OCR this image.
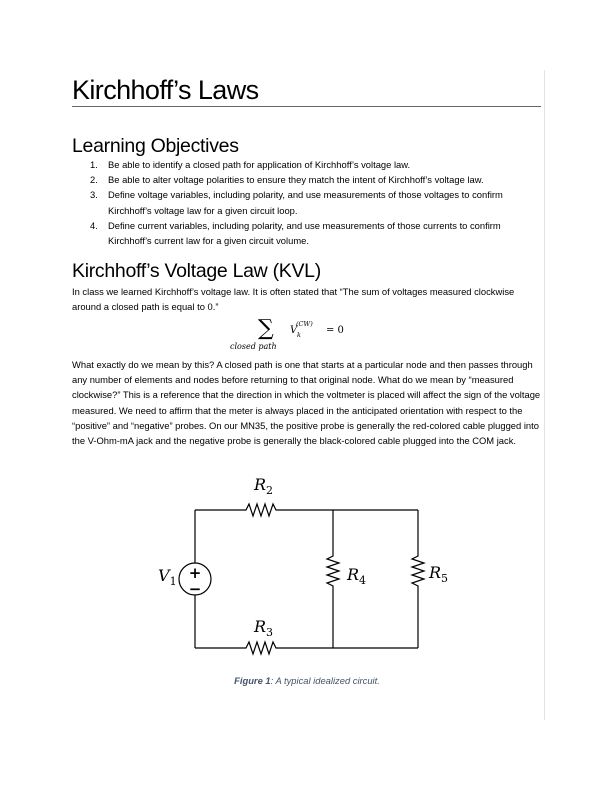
Kirchhoff’s Laws
Learning Objectives
1. Be able to identify a closed path for application of Kirchhoff’s voltage law.
2. Be able to alter voltage polarities to ensure they match the intent of Kirchhoff’s voltage law.
3. Define voltage variables, including polarity, and use measurements of those voltages to confirm Kirchhoff’s voltage law for a given circuit loop.
4. Define current variables, including polarity, and use measurements of those currents to confirm Kirchhoff’s current law for a given circuit volume.
Kirchhoff’s Voltage Law (KVL)

In class we learned Kirchhoff’s voltage law. It is often stated that “The sum of voltages measured clockwise around a closed path is equal to 0.”

∑
closed path
V k
(CW)
= 0

What exactly do we mean by this? A closed path is one that starts at a particular node and then passes through any number of elements and nodes before returning to that original node. What do we mean by “measured clockwise?” This is a reference that the direction in which the voltmeter is placed will affect the sign of the voltage measured. We need to affirm that the meter is always placed in the anticipated orientation with respect to the “positive” and “negative” probes. On our MN35, the positive probe is generally the red-colored cable plugged into the V-Ohm-mA jack and the negative probe is generally the black-colored cable plugged into the COM jack.

+
−
$R_2$
$R_3$
$R_4$	$R_5$
$V_1$

Figure 1: A typical idealized circuit.
